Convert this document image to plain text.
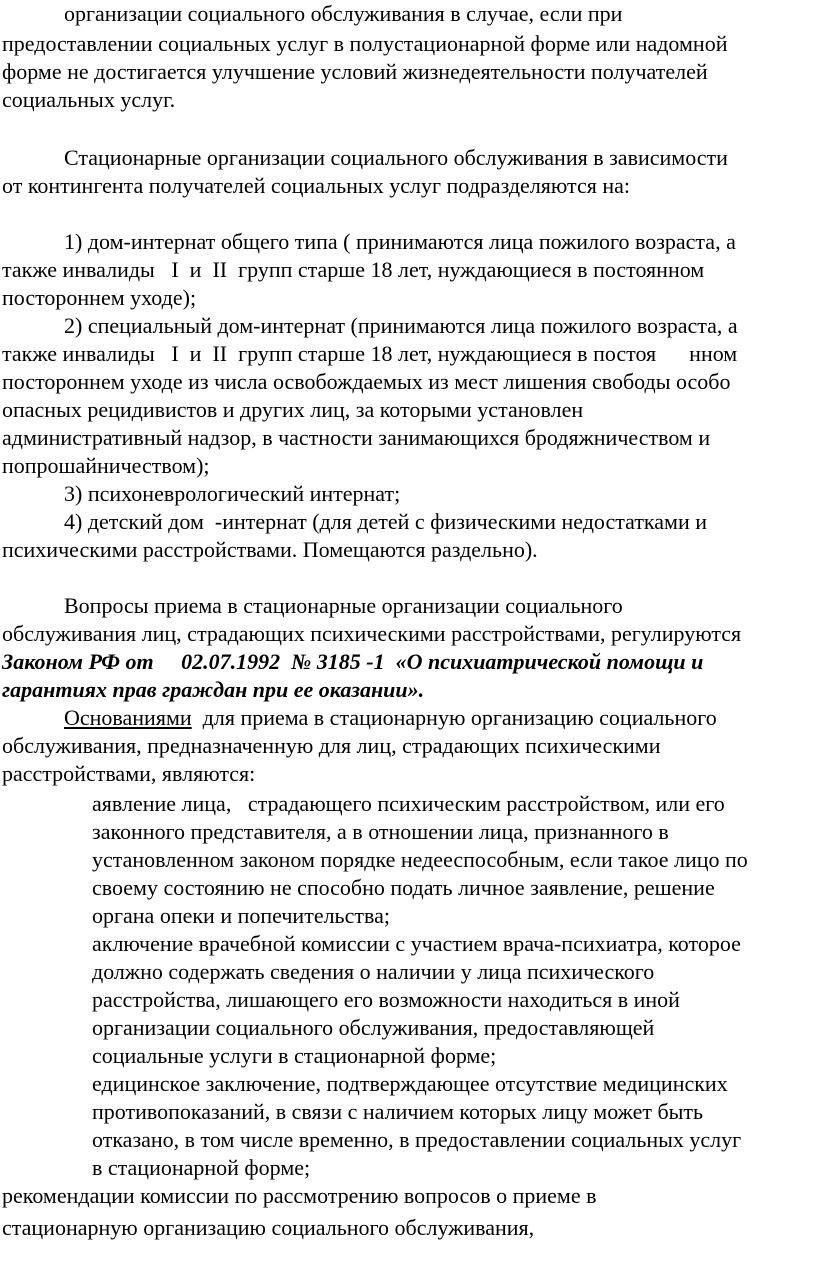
организации социального обслуживания в случае, если при

предоставлении социальных услуг в полустационарной форме или надомной

форме не достигается улучшение условий жизнедеятельности получателей

социальных услуг.

Стационарные организации социального обслуживания в зависимости

от контингента получателей социальных услуг подразделяются на:

1) дом-интернат общего типа ( принимаются лица пожилого возраста, а

также инвалиды   I  и  II  групп старше 18 лет, нуждающиеся в постоянном

постороннем уходе);

2) специальный дом-интернат (принимаются лица пожилого возраста, а

также инвалиды   I  и  II  групп старше 18 лет, нуждающиеся в постоя      нном

постороннем уходе из числа освобождаемых из мест лишения свободы особо

опасных рецидивистов и других лиц, за которыми установлен

административный надзор, в частности занимающихся бродяжничеством и

попрошайничеством);

3) психоневрологический интернат;

4) детский дом  -интернат (для детей с физическими недостатками и

психическими расстройствами. Помещаются раздельно).

Вопросы приема в стационарные организации социального

обслуживания лиц, страдающих психическими расстройствами, регулируются

Законом РФ от     02.07.1992  № 3185 -1  «О психиатрической помощи и

гарантиях прав граждан при ее оказании».

Основаниями  для приема в стационарную организацию социального

обслуживания, предназначенную для лиц, страдающих психическими

расстройствами, являются:

аявление лица,   страдающего психическим расстройством, или его

законного представителя, а в отношении лица, признанного в

установленном законом порядке недееспособным, если такое лицо по

своему состоянию не способно подать личное заявление, решение

органа опеки и попечительства;

аключение врачебной комиссии с участием врача-психиатра, которое

должно содержать сведения о наличии у лица психического

расстройства, лишающего его возможности находиться в иной

организации социального обслуживания, предоставляющей

социальные услуги в стационарной форме;

едицинское заключение, подтверждающее отсутствие медицинских

противопоказаний, в связи с наличием которых лицу может быть

отказано, в том числе временно, в предоставлении социальных услуг

в стационарной форме;

рекомендации комиссии по рассмотрению вопросов о приеме в

стационарную организацию социального обслуживания,
